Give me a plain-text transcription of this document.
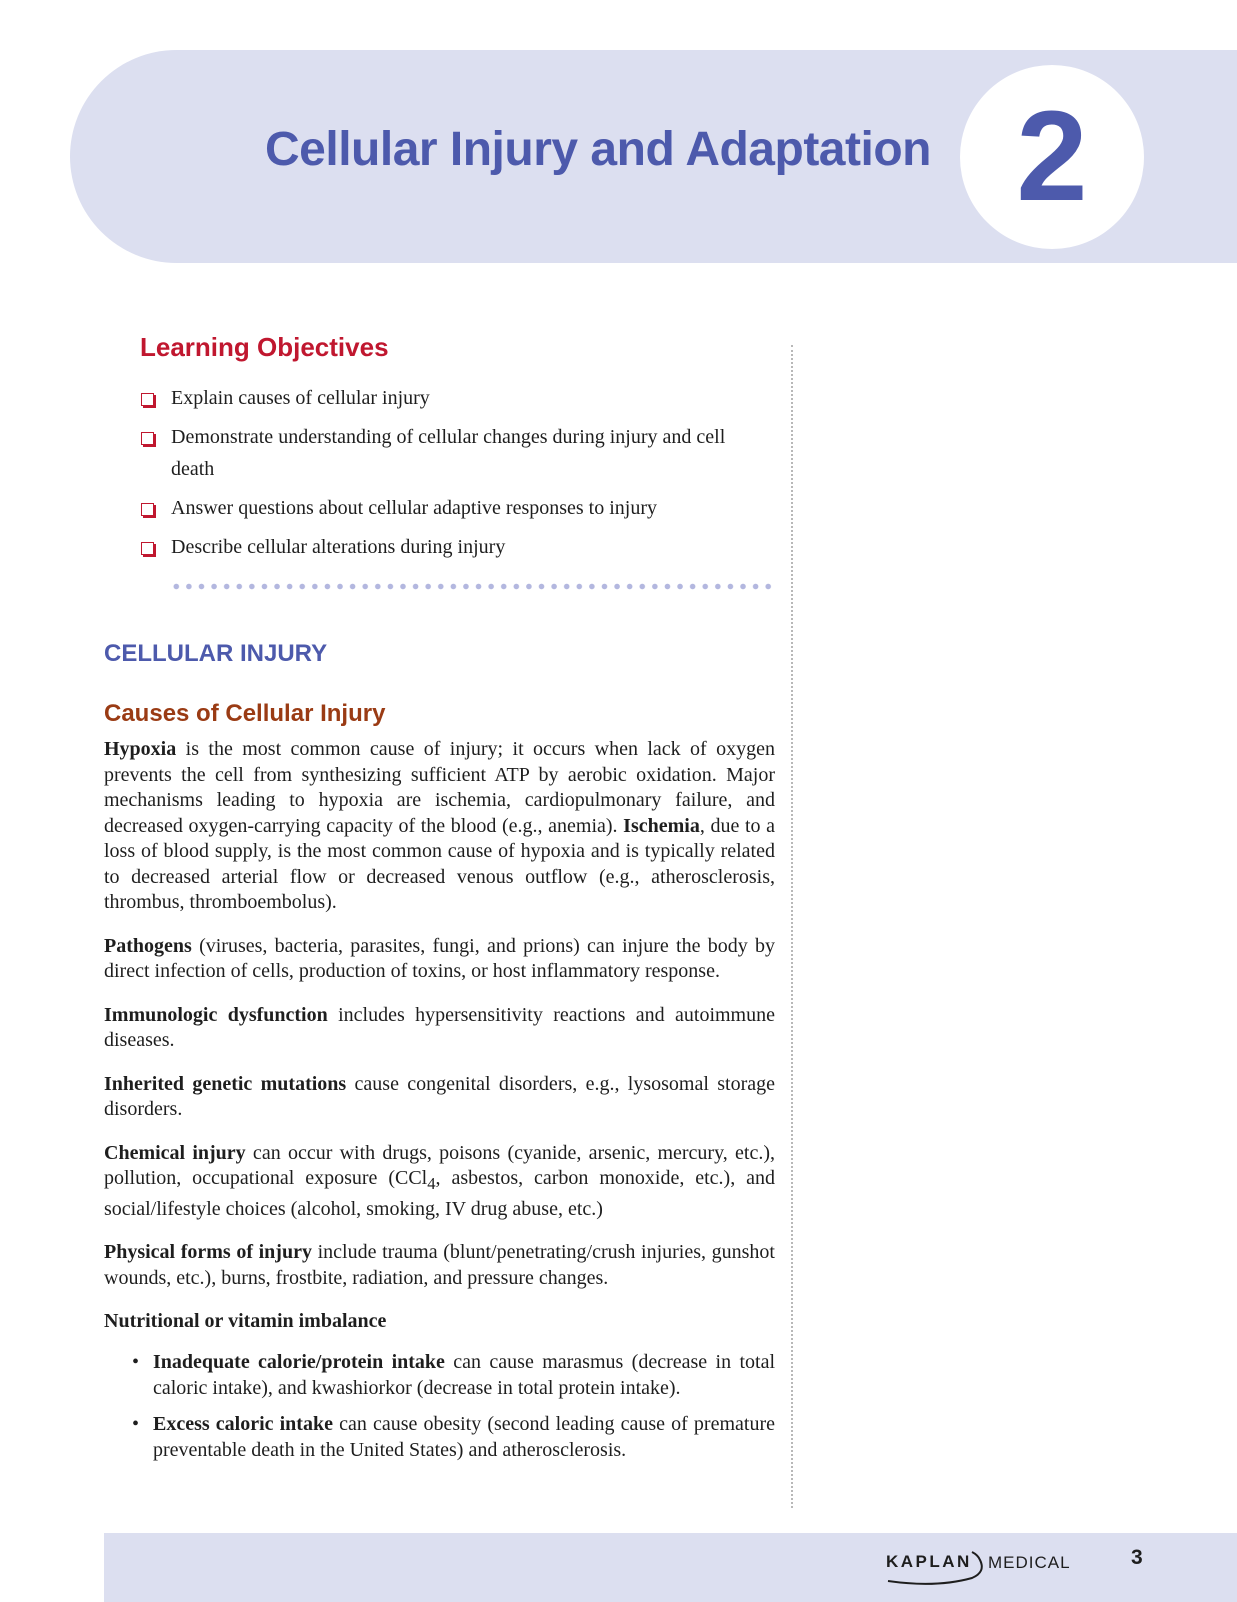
Cellular Injury and Adaptation 2
Learning Objectives
Explain causes of cellular injury
Demonstrate understanding of cellular changes during injury and cell death
Answer questions about cellular adaptive responses to injury
Describe cellular alterations during injury
CELLULAR INJURY
Causes of Cellular Injury

Hypoxia is the most common cause of injury; it occurs when lack of oxygen prevents the cell from synthesizing sufficient ATP by aerobic oxidation. Major mechanisms leading to hypoxia are ischemia, cardiopulmonary failure, and decreased oxygen-carrying capacity of the blood (e.g., anemia). Ischemia, due to a loss of blood supply, is the most common cause of hypoxia and is typically related to decreased arterial flow or decreased venous outflow (e.g., atherosclerosis, thrombus, thromboembolus).

Pathogens (viruses, bacteria, parasites, fungi, and prions) can injure the body by direct infection of cells, production of toxins, or host inflammatory response.

Immunologic dysfunction includes hypersensitivity reactions and autoimmune diseases.

Inherited genetic mutations cause congenital disorders, e.g., lysosomal storage disorders.

Chemical injury can occur with drugs, poisons (cyanide, arsenic, mercury, etc.), pollution, occupational exposure (CCl$_4$, asbestos, carbon monoxide, etc.), and social/lifestyle choices (alcohol, smoking, IV drug abuse, etc.)

Physical forms of injury include trauma (blunt/penetrating/crush injuries, gunshot wounds, etc.), burns, frostbite, radiation, and pressure changes.

Nutritional or vitamin imbalance

• Inadequate calorie/protein intake can cause marasmus (decrease in total caloric intake), and kwashiorkor (decrease in total protein intake).
• Excess caloric intake can cause obesity (second leading cause of premature preventable death in the United States) and atherosclerosis.
KAPLAN MEDICAL	3
